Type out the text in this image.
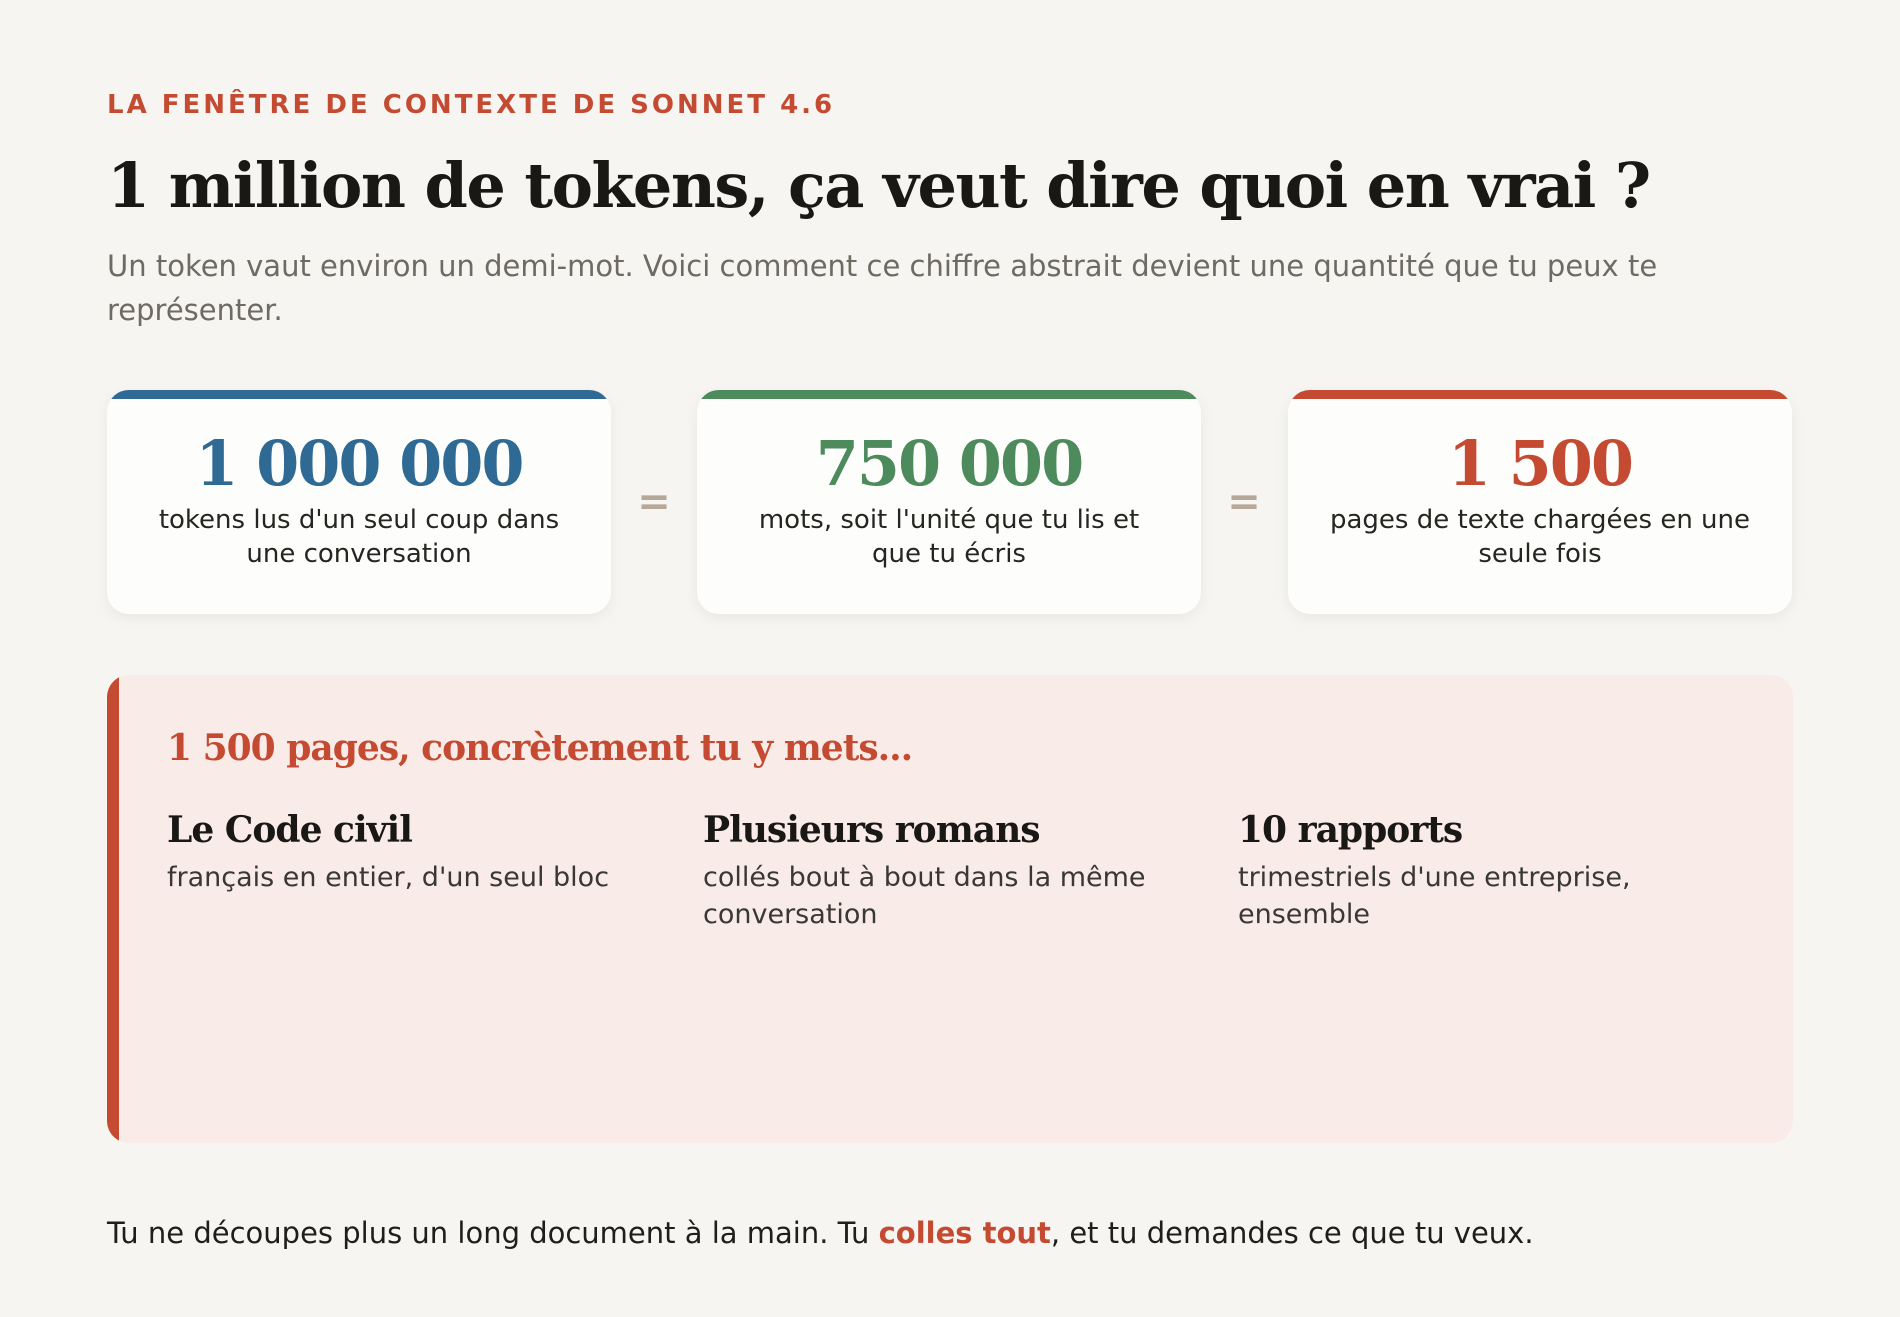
LA FENÊTRE DE CONTEXTE DE SONNET 4.6
1 million de tokens, ça veut dire quoi en vrai ?

Un token vaut environ un demi-mot. Voici comment ce chiffre abstrait devient une quantité que tu peux te représenter.

1 000 000
tokens lus d'un seul coup dans une conversation
=
750 000
mots, soit l'unité que tu lis et que tu écris
=
1 500
pages de texte chargées en une seule fois
1 500 pages, concrètement tu y mets...
Le Code civil
français en entier, d'un seul bloc
Plusieurs romans
collés bout à bout dans la même conversation
10 rapports
trimestriels d'une entreprise, ensemble

Tu ne découpes plus un long document à la main. Tu colles tout, et tu demandes ce que tu veux.
